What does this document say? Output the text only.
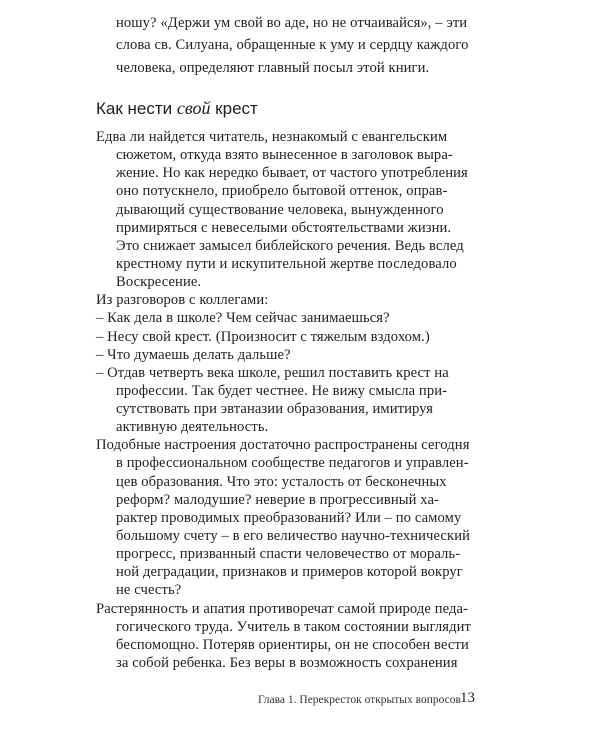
Как нести свой крест
ношу? «Держи ум свой во аде, но не отчаивайся», – эти
слова св. Силуана, обращенные к уму и сердцу каждого
человека, определяют главный посыл этой книги.
Едва ли найдется читатель, незнакомый с евангельским
сюжетом, откуда взято вынесенное в заголовок выра-
жение. Но как нередко бывает, от частого употребления
оно потускнело, приобрело бытовой оттенок, оправ-
дывающий существование человека, вынужденного
примиряться с невеселыми обстоятельствами жизни.
Это снижает замысел библейского речения. Ведь вслед
крестному пути и искупительной жертве последовало
Воскресение.
Из разговоров с коллегами:
– Как дела в школе? Чем сейчас занимаешься?
– Несу свой крест. (Произносит с тяжелым вздохом.)
– Что думаешь делать дальше?
– Отдав четверть века школе, решил поставить крест на
профессии. Так будет честнее. Не вижу смысла при-
сутствовать при эвтаназии образования, имитируя
активную деятельность.
Подобные настроения достаточно распространены сегодня
в профессиональном сообществе педагогов и управлен-
цев образования. Что это: усталость от бесконечных
реформ? малодушие? неверие в прогрессивный ха-
рактер проводимых преобразований? Или – по самому
большому счету – в его величество научно-технический
прогресс, призванный спасти человечество от мораль-
ной деградации, признаков и примеров которой вокруг
не счесть?
Растерянность и апатия противоречат самой природе педа-
гогического труда. Учитель в таком состоянии выглядит
беспомощно. Потеряв ориентиры, он не способен вести
за собой ребенка. Без веры в возможность сохранения
Глава 1. Перекресток открытых вопросов 13
